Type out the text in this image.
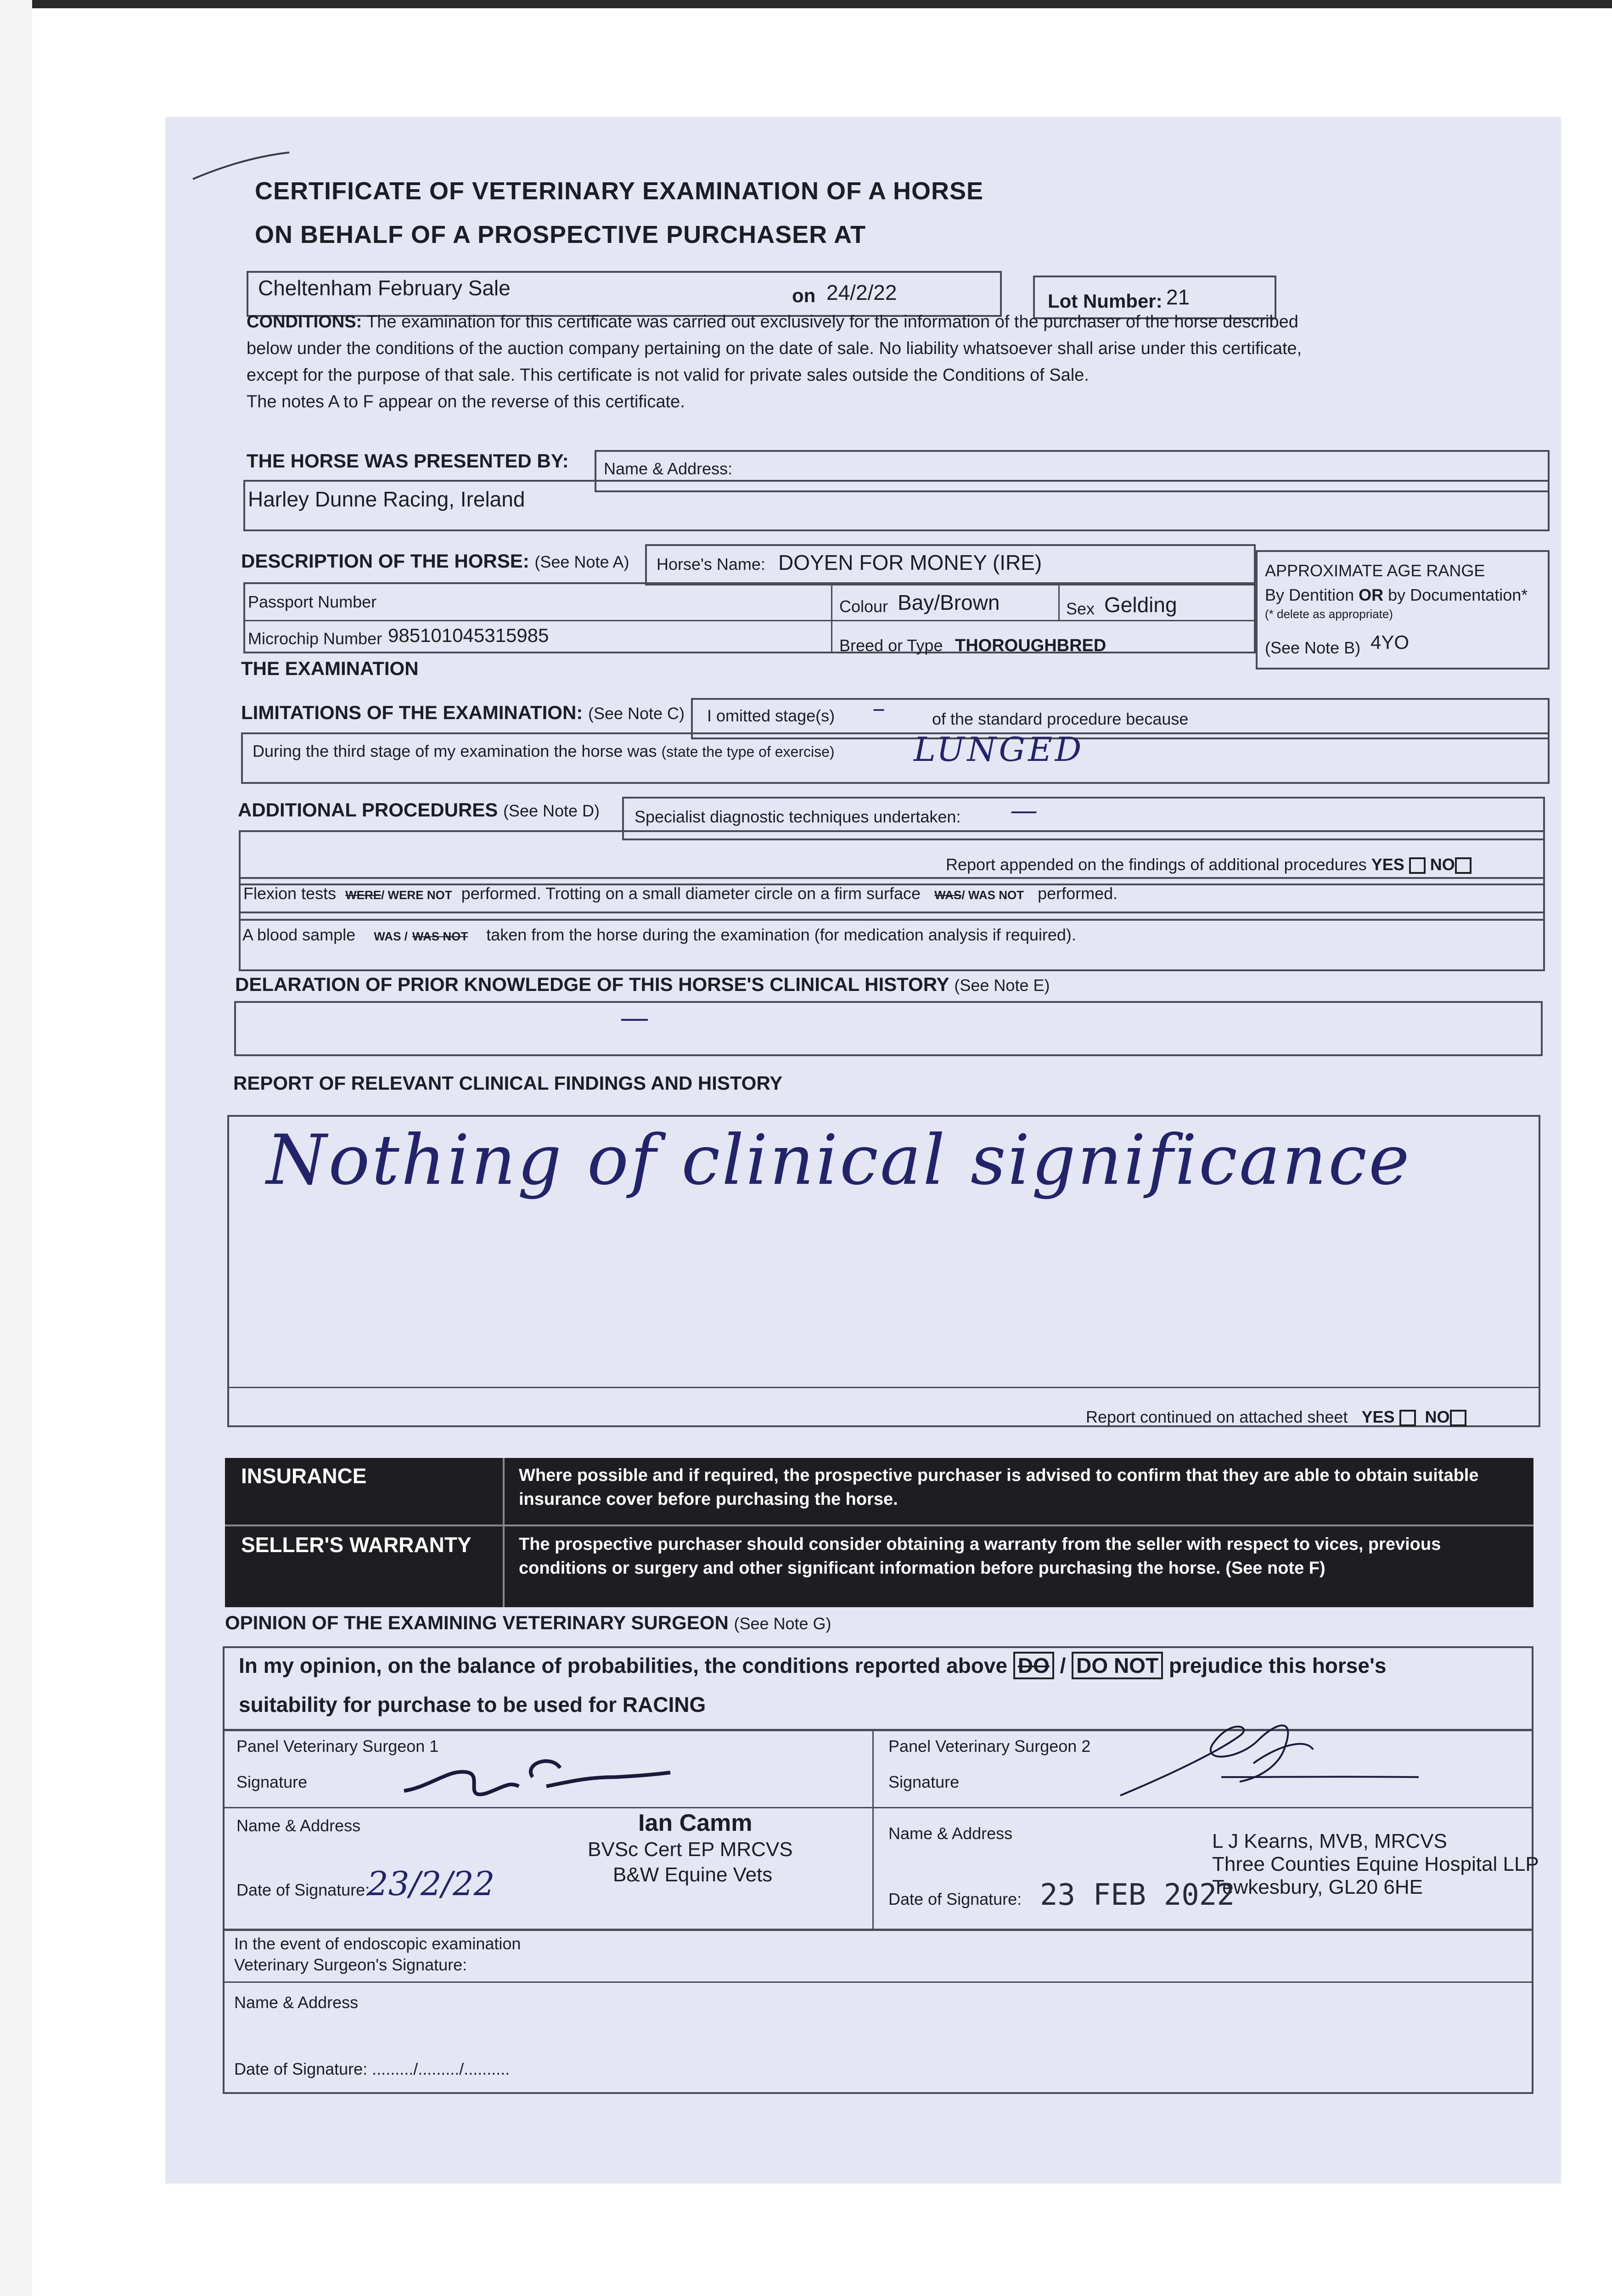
CERTIFICATE OF VETERINARY EXAMINATION OF A HORSE
ON BEHALF OF A PROSPECTIVE PURCHASER AT
Cheltenham February Sale	on 24/2/22	Lot Number: 21
CONDITIONS: The examination for this certificate was carried out exclusively for the information of the purchaser of the horse described
below under the conditions of the auction company pertaining on the date of sale. No liability whatsoever shall arise under this certificate,
except for the purpose of that sale. This certificate is not valid for private sales outside the Conditions of Sale.
The notes A to F appear on the reverse of this certificate.
THE HORSE WAS PRESENTED BY: Name & Address:
Harley Dunne Racing, Ireland
DESCRIPTION OF THE HORSE: (See Note A) Horse's Name: DOYEN FOR MONEY (IRE)
Passport Number	Colour Bay/Brown	Sex Gelding
Microchip Number 985101045315985	Breed or Type THOROUGHBRED
APPROXIMATE AGE RANGE
By Dentition OR by Documentation*
(* delete as appropriate)
(See Note B) 4YO
THE EXAMINATION
LIMITATIONS OF THE EXAMINATION: (See Note C) I omitted stage(s) –	of the standard procedure because
During the third stage of my examination the horse was (state the type of exercise) LUNGED
ADDITIONAL PROCEDURES (See Note D) Specialist diagnostic techniques undertaken: —
Report appended on the findings of additional procedures YES NO
Flexion tests WERE/ WERE NOT performed. Trotting on a small diameter circle on a firm surface WAS/ WAS NOT performed.
A blood sample WAS / WAS NOT taken from the horse during the examination (for medication analysis if required).
DELARATION OF PRIOR KNOWLEDGE OF THIS HORSE'S CLINICAL HISTORY (See Note E)
—
REPORT OF RELEVANT CLINICAL FINDINGS AND HISTORY
Nothing of clinical significance
Report continued on attached sheet YES NO
INSURANCE	Where possible and if required, the prospective purchaser is advised to confirm that they are able to obtain suitable
insurance cover before purchasing the horse.
SELLER'S WARRANTY	The prospective purchaser should consider obtaining a warranty from the seller with respect to vices, previous
conditions or surgery and other significant information before purchasing the horse. (See note F)
OPINION OF THE EXAMINING VETERINARY SURGEON (See Note G)
In my opinion, on the balance of probabilities, the conditions reported above DO / DO NOT prejudice this horse's
suitability for purchase to be used for RACING
Panel Veterinary Surgeon 1
Signature
Name & Address	Ian Camm
BVSc Cert EP MRCVS
B&W Equine Vets
Date of Signature:
23/2/22
Panel Veterinary Surgeon 2
Signature
Name & Address	L J Kearns, MVB, MRCVS
Three Counties Equine Hospital LLP
Tewkesbury, GL20 6HE
Date of Signature: 23 FEB 2022
In the event of endoscopic examination
Veterinary Surgeon's Signature:
Name & Address
Date of Signature: ........./........./..........
